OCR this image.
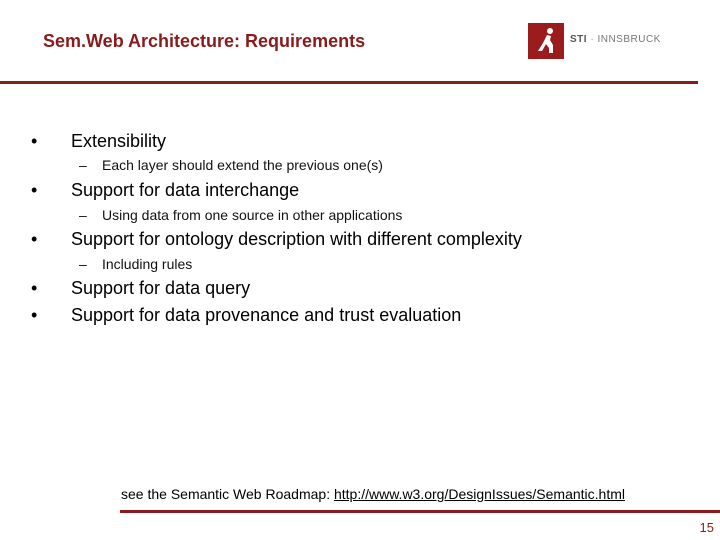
Sem.Web Architecture: Requirements	STI · INNSBRUCK
• Extensibility
– Each layer should extend the previous one(s)
• Support for data interchange
– Using data from one source in other applications
• Support for ontology description with different complexity
– Including rules
• Support for data query
• Support for data provenance and trust evaluation
see the Semantic Web Roadmap: http://www.w3.org/DesignIssues/Semantic.html
15
